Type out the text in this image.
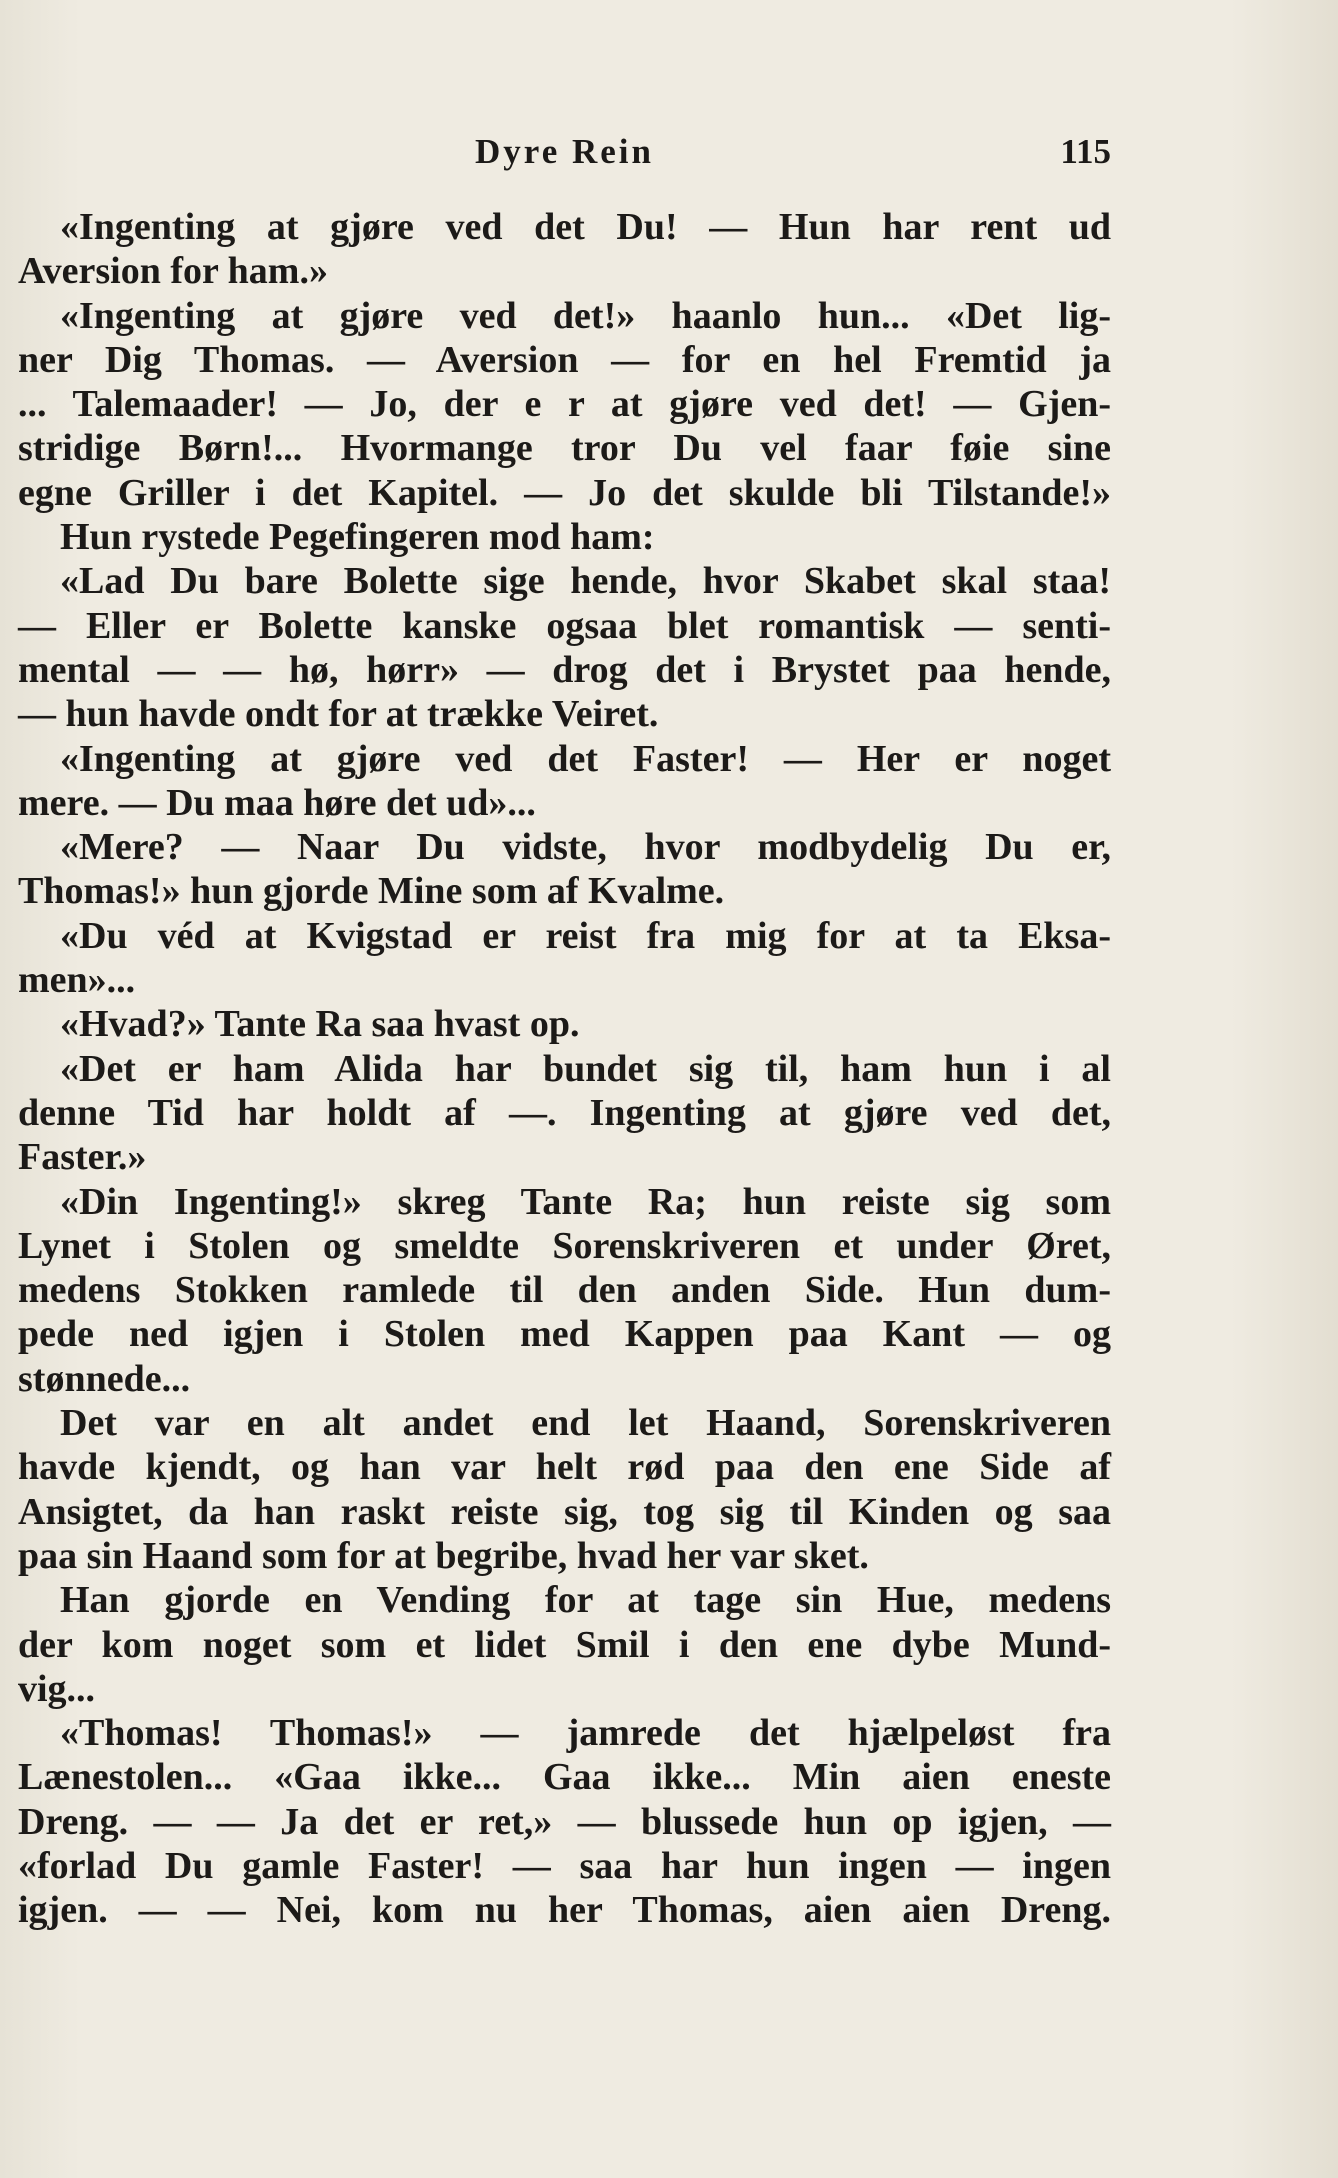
Dyre Rein	115
«Ingenting at gjøre ved det Du! — Hun har rent ud
Aversion for ham.»
«Ingenting at gjøre ved det!» haanlo hun... «Det lig-
ner Dig Thomas. — Aversion — for en hel Fremtid ja
... Talemaader! — Jo, der e r at gjøre ved det! — Gjen-
stridige Børn!... Hvormange tror Du vel faar føie sine
egne Griller i det Kapitel. — Jo det skulde bli Tilstande!»
Hun rystede Pegefingeren mod ham:
«Lad Du bare Bolette sige hende, hvor Skabet skal staa!
— Eller er Bolette kanske ogsaa blet romantisk — senti-
mental — — hø, hørr» — drog det i Brystet paa hende,
— hun havde ondt for at trække Veiret.
«Ingenting at gjøre ved det Faster! — Her er noget
mere. — Du maa høre det ud»...
«Mere? — Naar Du vidste, hvor modbydelig Du er,
Thomas!» hun gjorde Mine som af Kvalme.
«Du véd at Kvigstad er reist fra mig for at ta Eksa-
men»...
«Hvad?» Tante Ra saa hvast op.
«Det er ham Alida har bundet sig til, ham hun i al
denne Tid har holdt af —. Ingenting at gjøre ved det,
Faster.»
«Din Ingenting!» skreg Tante Ra; hun reiste sig som
Lynet i Stolen og smeldte Sorenskriveren et under Øret,
medens Stokken ramlede til den anden Side. Hun dum-
pede ned igjen i Stolen med Kappen paa Kant — og
stønnede...
Det var en alt andet end let Haand, Sorenskriveren
havde kjendt, og han var helt rød paa den ene Side af
Ansigtet, da han raskt reiste sig, tog sig til Kinden og saa
paa sin Haand som for at begribe, hvad her var sket.
Han gjorde en Vending for at tage sin Hue, medens
der kom noget som et lidet Smil i den ene dybe Mund-
vig...
«Thomas! Thomas!» — jamrede det hjælpeløst fra
Lænestolen... «Gaa ikke... Gaa ikke... Min aien eneste
Dreng. — — Ja det er ret,» — blussede hun op igjen, —
«forlad Du gamle Faster! — saa har hun ingen — ingen
igjen. — — Nei, kom nu her Thomas, aien aien Dreng.
